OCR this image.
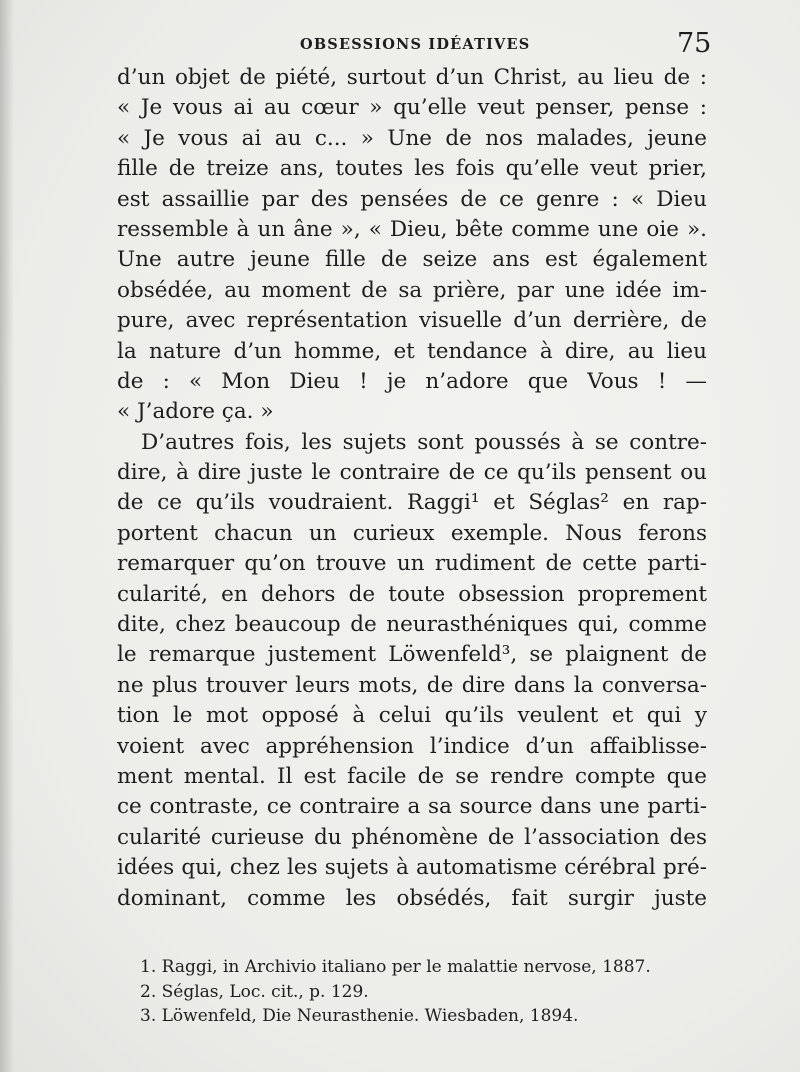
OBSESSIONS IDÉATIVES	75
d’un objet de piété, surtout d’un Christ, au lieu de :
« Je vous ai au cœur » qu’elle veut penser, pense :
« Je vous ai au c... » Une de nos malades, jeune
fille de treize ans, toutes les fois qu’elle veut prier,
est assaillie par des pensées de ce genre : « Dieu
ressemble à un âne », « Dieu, bête comme une oie ».
Une autre jeune fille de seize ans est également
obsédée, au moment de sa prière, par une idée im-
pure, avec représentation visuelle d’un derrière, de
la nature d’un homme, et tendance à dire, au lieu
de : « Mon Dieu ! je n’adore que Vous ! —
« J’adore ça. »
D’autres fois, les sujets sont poussés à se contre-
dire, à dire juste le contraire de ce qu’ils pensent ou
de ce qu’ils voudraient. Raggi¹ et Séglas² en rap-
portent chacun un curieux exemple. Nous ferons
remarquer qu’on trouve un rudiment de cette parti-
cularité, en dehors de toute obsession proprement
dite, chez beaucoup de neurasthéniques qui, comme
le remarque justement Löwenfeld³, se plaignent de
ne plus trouver leurs mots, de dire dans la conversa-
tion le mot opposé à celui qu’ils veulent et qui y
voient avec appréhension l’indice d’un affaiblisse-
ment mental. Il est facile de se rendre compte que
ce contraste, ce contraire a sa source dans une parti-
cularité curieuse du phénomène de l’association des
idées qui, chez les sujets à automatisme cérébral pré-
dominant, comme les obsédés, fait surgir juste
1. Raggi, in Archivio italiano per le malattie nervose, 1887.
2. Séglas, Loc. cit., p. 129.
3. Löwenfeld, Die Neurasthenie. Wiesbaden, 1894.
